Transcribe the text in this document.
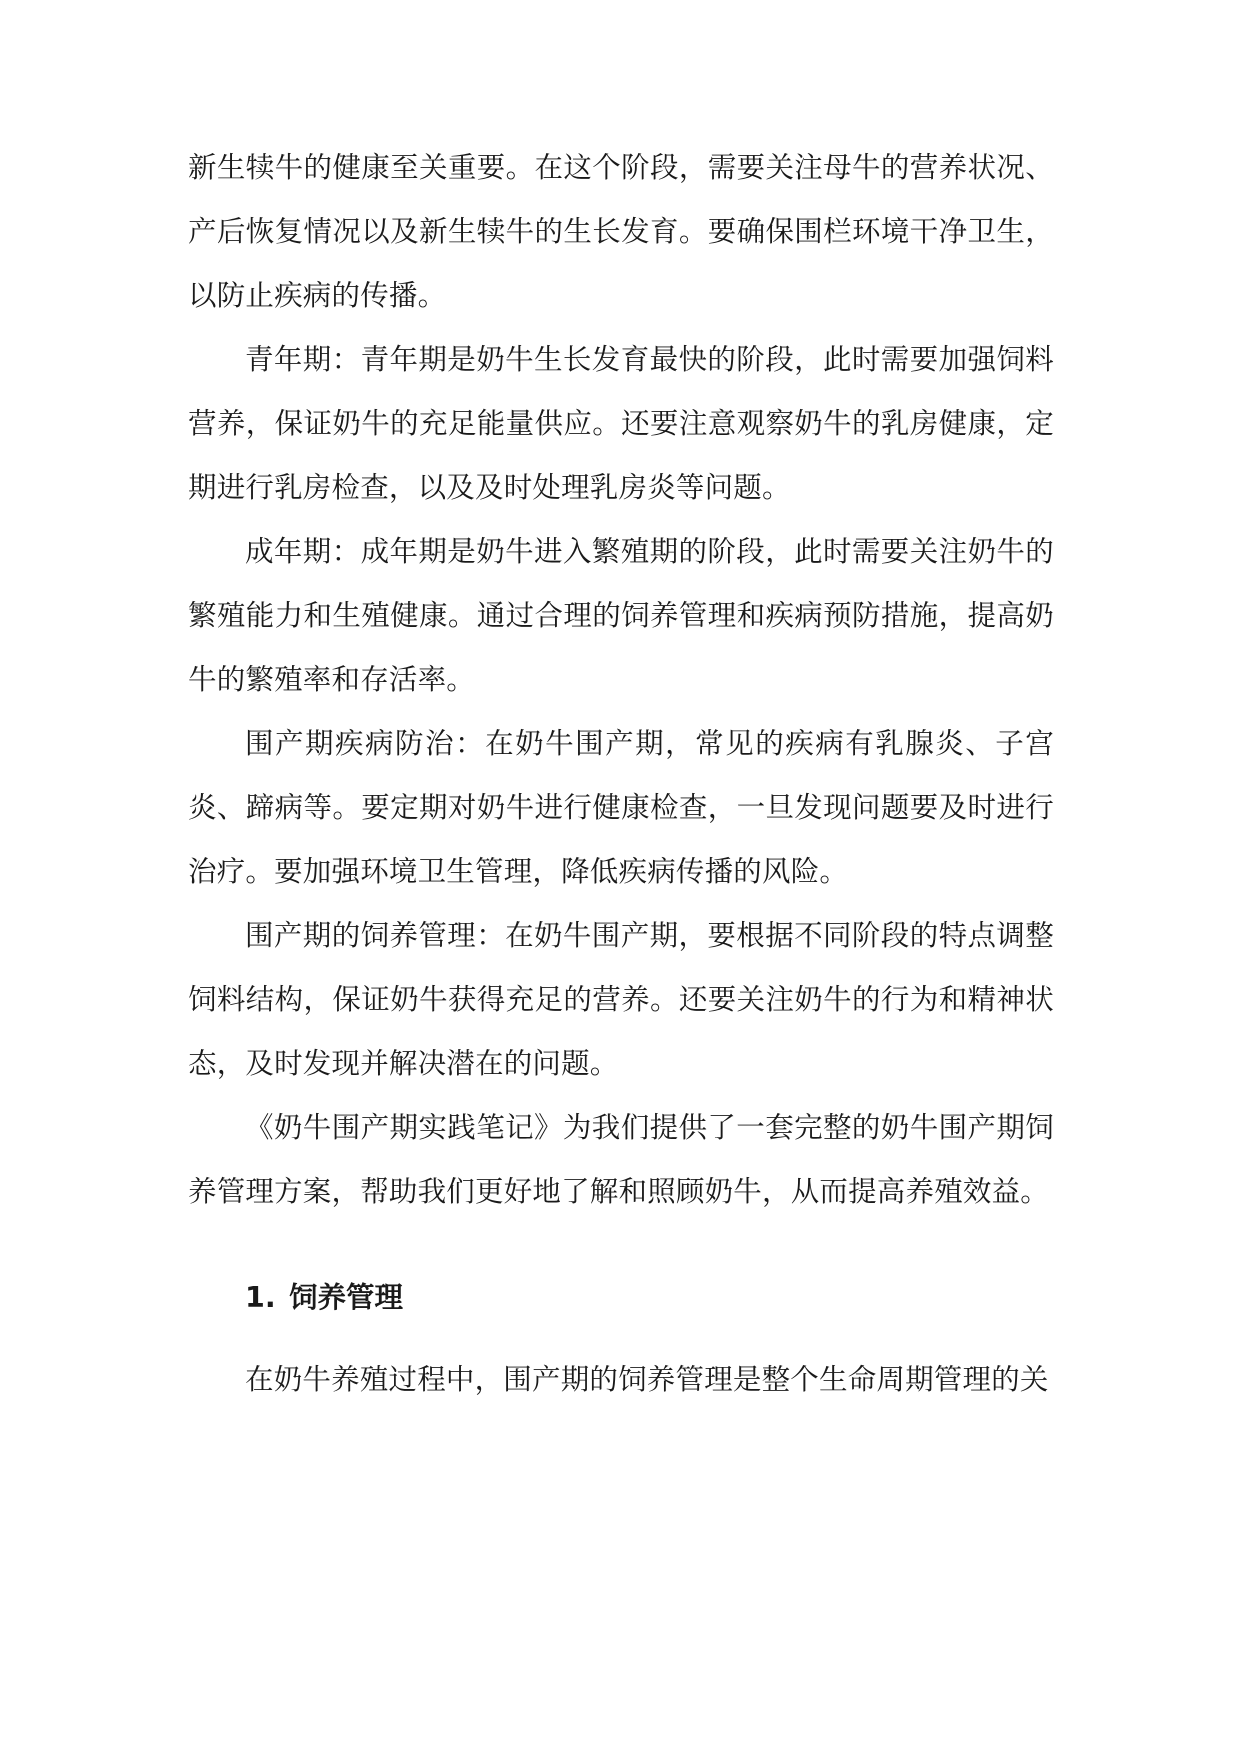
新生犊牛的健康至关重要。在这个阶段，需要关注母牛的营养状况、产后恢复情况以及新生犊牛的生长发育。要确保围栏环境干净卫生，以防止疾病的传播。

青年期：青年期是奶牛生长发育最快的阶段，此时需要加强饲料营养，保证奶牛的充足能量供应。还要注意观察奶牛的乳房健康，定期进行乳房检查，以及及时处理乳房炎等问题。

成年期：成年期是奶牛进入繁殖期的阶段，此时需要关注奶牛的繁殖能力和生殖健康。通过合理的饲养管理和疾病预防措施，提高奶牛的繁殖率和存活率。

围产期疾病防治：在奶牛围产期，常见的疾病有乳腺炎、子宫炎、蹄病等。要定期对奶牛进行健康检查，一旦发现问题要及时进行治疗。要加强环境卫生管理，降低疾病传播的风险。

围产期的饲养管理：在奶牛围产期，要根据不同阶段的特点调整饲料结构，保证奶牛获得充足的营养。还要关注奶牛的行为和精神状态，及时发现并解决潜在的问题。

《奶牛围产期实践笔记》为我们提供了一套完整的奶牛围产期饲养管理方案，帮助我们更好地了解和照顾奶牛，从而提高养殖效益。

1. 饲养管理

在奶牛养殖过程中，围产期的饲养管理是整个生命周期管理的关
